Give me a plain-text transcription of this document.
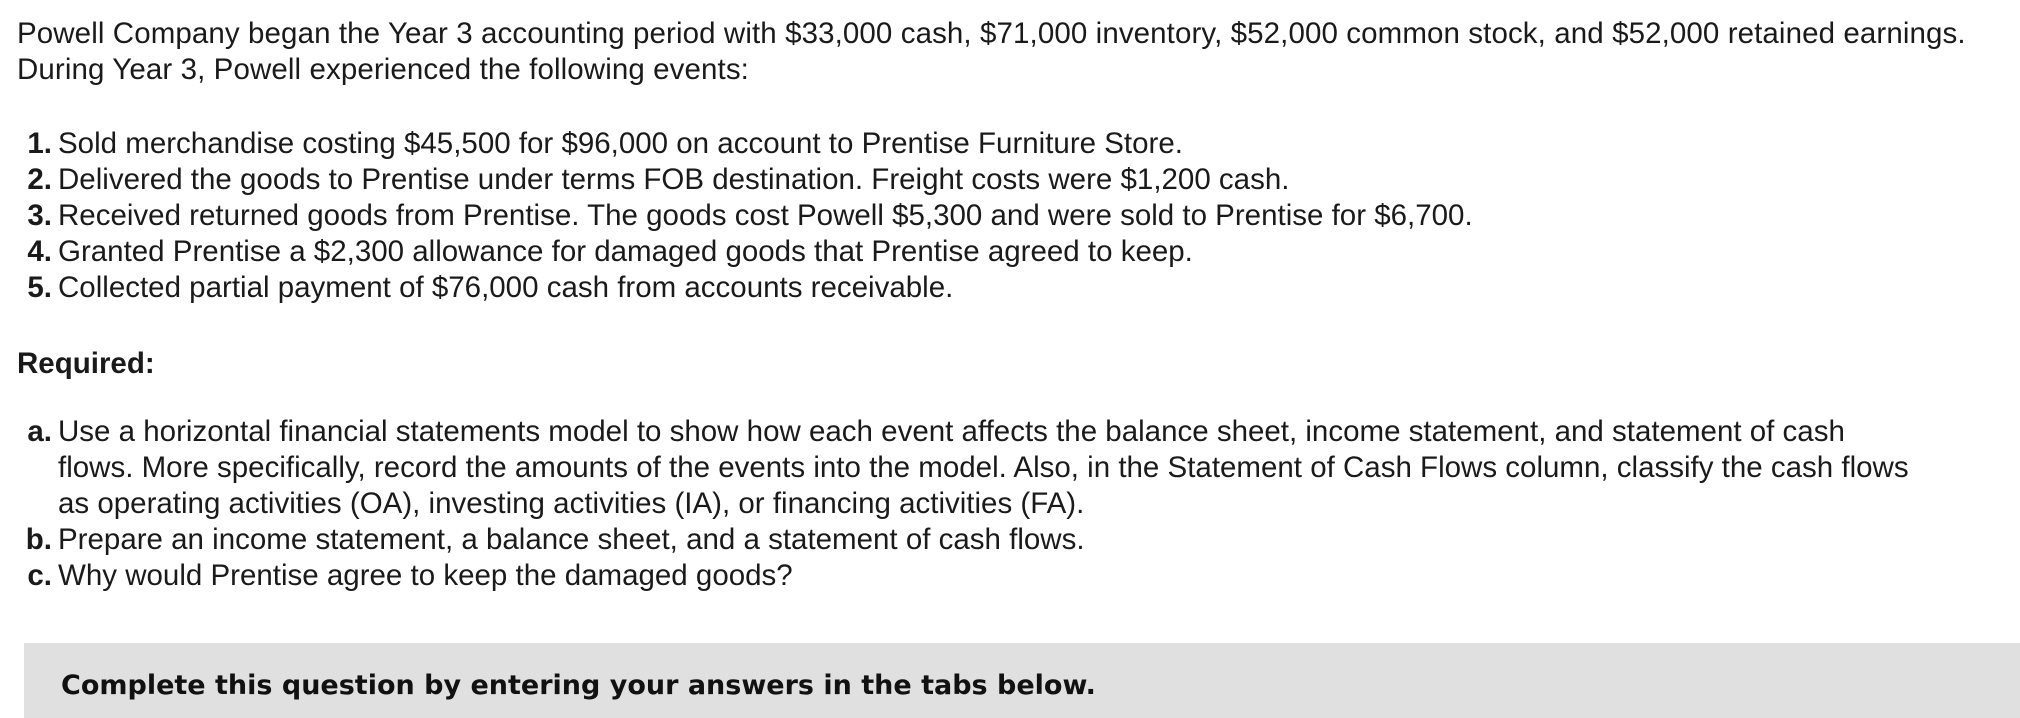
Powell Company began the Year 3 accounting period with $33,000 cash, $71,000 inventory, $52,000 common stock, and $52,000 retained earnings. During Year 3, Powell experienced the following events:

1. Sold merchandise costing $45,500 for $96,000 on account to Prentise Furniture Store.
2. Delivered the goods to Prentise under terms FOB destination. Freight costs were $1,200 cash.
3. Received returned goods from Prentise. The goods cost Powell $5,300 and were sold to Prentise for $6,700.
4. Granted Prentise a $2,300 allowance for damaged goods that Prentise agreed to keep.
5. Collected partial payment of $76,000 cash from accounts receivable.

Required:

a. Use a horizontal financial statements model to show how each event affects the balance sheet, income statement, and statement of cash flows. More specifically, record the amounts of the events into the model. Also, in the Statement of Cash Flows column, classify the cash flows as operating activities (OA), investing activities (IA), or financing activities (FA).
b. Prepare an income statement, a balance sheet, and a statement of cash flows.
c. Why would Prentise agree to keep the damaged goods?
Complete this question by entering your answers in the tabs below.
